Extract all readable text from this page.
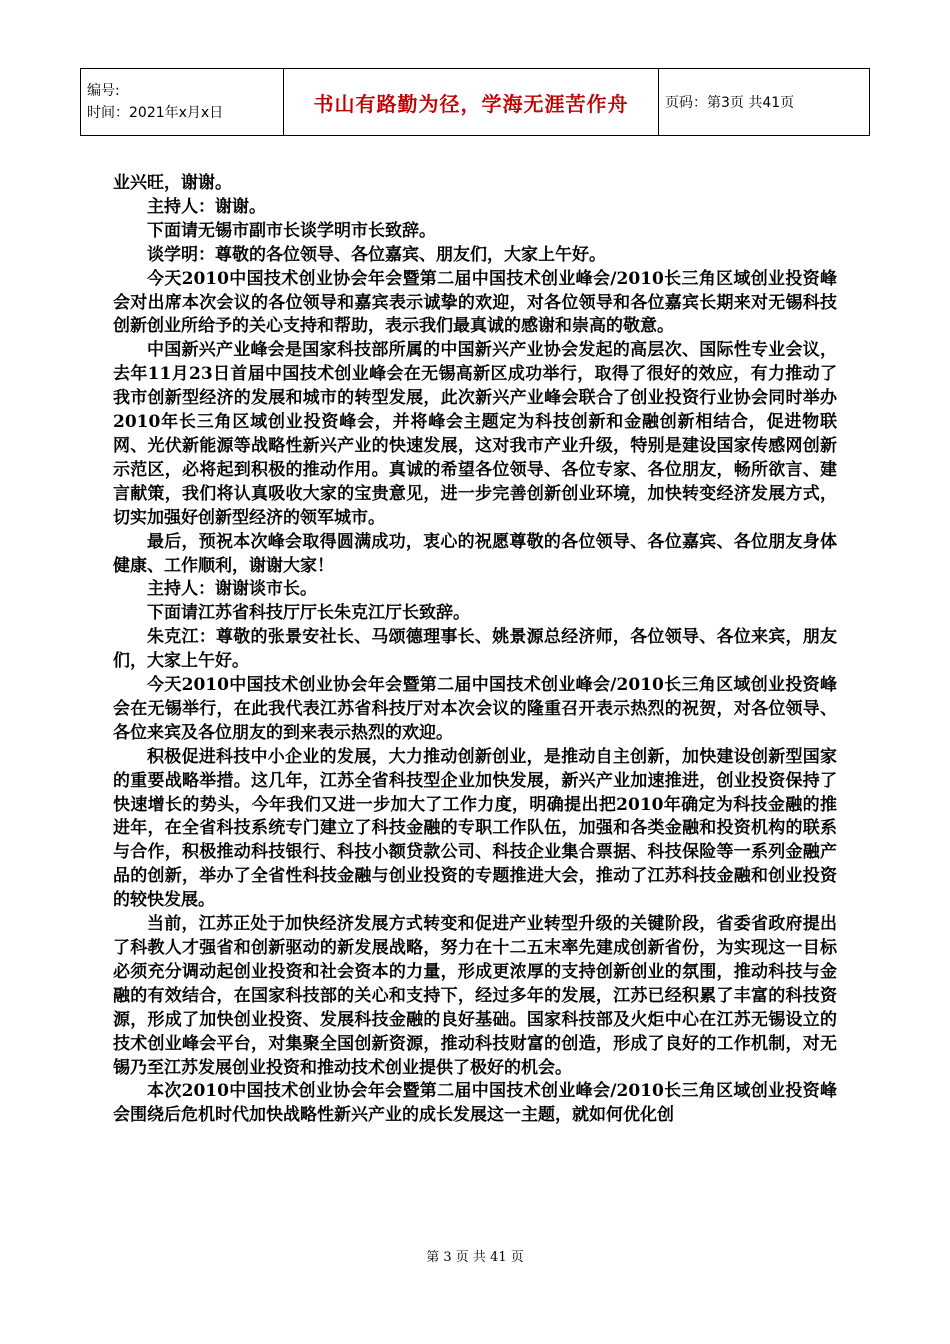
编号:
时间：2021年x月x日	书山有路勤为径，学海无涯苦作舟	页码：第3页 共41页

业兴旺，谢谢。

主持人：谢谢。

下面请无锡市副市长谈学明市长致辞。

谈学明：尊敬的各位领导、各位嘉宾、朋友们，大家上午好。

今天2010中国技术创业协会年会暨第二届中国技术创业峰会/2010长三角区域创业投资峰会对出席本次会议的各位领导和嘉宾表示诚挚的欢迎，对各位领导和各位嘉宾长期来对无锡科技创新创业所给予的关心支持和帮助，表示我们最真诚的感谢和崇高的敬意。

中国新兴产业峰会是国家科技部所属的中国新兴产业协会发起的高层次、国际性专业会议，去年11月23日首届中国技术创业峰会在无锡高新区成功举行，取得了很好的效应，有力推动了我市创新型经济的发展和城市的转型发展，此次新兴产业峰会联合了创业投资行业协会同时举办2010年长三角区域创业投资峰会，并将峰会主题定为科技创新和金融创新相结合，促进物联网、光伏新能源等战略性新兴产业的快速发展，这对我市产业升级，特别是建设国家传感网创新示范区，必将起到积极的推动作用。真诚的希望各位领导、各位专家、各位朋友，畅所欲言、建言献策，我们将认真吸收大家的宝贵意见，进一步完善创新创业环境，加快转变经济发展方式，切实加强好创新型经济的领军城市。

最后，预祝本次峰会取得圆满成功，衷心的祝愿尊敬的各位领导、各位嘉宾、各位朋友身体健康、工作顺利，谢谢大家！

主持人：谢谢谈市长。

下面请江苏省科技厅厅长朱克江厅长致辞。

朱克江：尊敬的张景安社长、马颂德理事长、姚景源总经济师，各位领导、各位来宾，朋友们，大家上午好。

今天2010中国技术创业协会年会暨第二届中国技术创业峰会/2010长三角区域创业投资峰会在无锡举行，在此我代表江苏省科技厅对本次会议的隆重召开表示热烈的祝贺，对各位领导、各位来宾及各位朋友的到来表示热烈的欢迎。

积极促进科技中小企业的发展，大力推动创新创业，是推动自主创新，加快建设创新型国家的重要战略举措。这几年，江苏全省科技型企业加快发展，新兴产业加速推进，创业投资保持了快速增长的势头，今年我们又进一步加大了工作力度，明确提出把2010年确定为科技金融的推进年，在全省科技系统专门建立了科技金融的专职工作队伍，加强和各类金融和投资机构的联系与合作，积极推动科技银行、科技小额贷款公司、科技企业集合票据、科技保险等一系列金融产品的创新，举办了全省性科技金融与创业投资的专题推进大会，推动了江苏科技金融和创业投资的较快发展。

当前，江苏正处于加快经济发展方式转变和促进产业转型升级的关键阶段，省委省政府提出了科教人才强省和创新驱动的新发展战略，努力在十二五末率先建成创新省份，为实现这一目标必须充分调动起创业投资和社会资本的力量，形成更浓厚的支持创新创业的氛围，推动科技与金融的有效结合，在国家科技部的关心和支持下，经过多年的发展，江苏已经积累了丰富的科技资源，形成了加快创业投资、发展科技金融的良好基础。国家科技部及火炬中心在江苏无锡设立的技术创业峰会平台，对集聚全国创新资源，推动科技财富的创造，形成了良好的工作机制，对无锡乃至江苏发展创业投资和推动技术创业提供了极好的机会。

本次2010中国技术创业协会年会暨第二届中国技术创业峰会/2010长三角区域创业投资峰会围绕后危机时代加快战略性新兴产业的成长发展这一主题，就如何优化创

第 3 页 共 41 页
